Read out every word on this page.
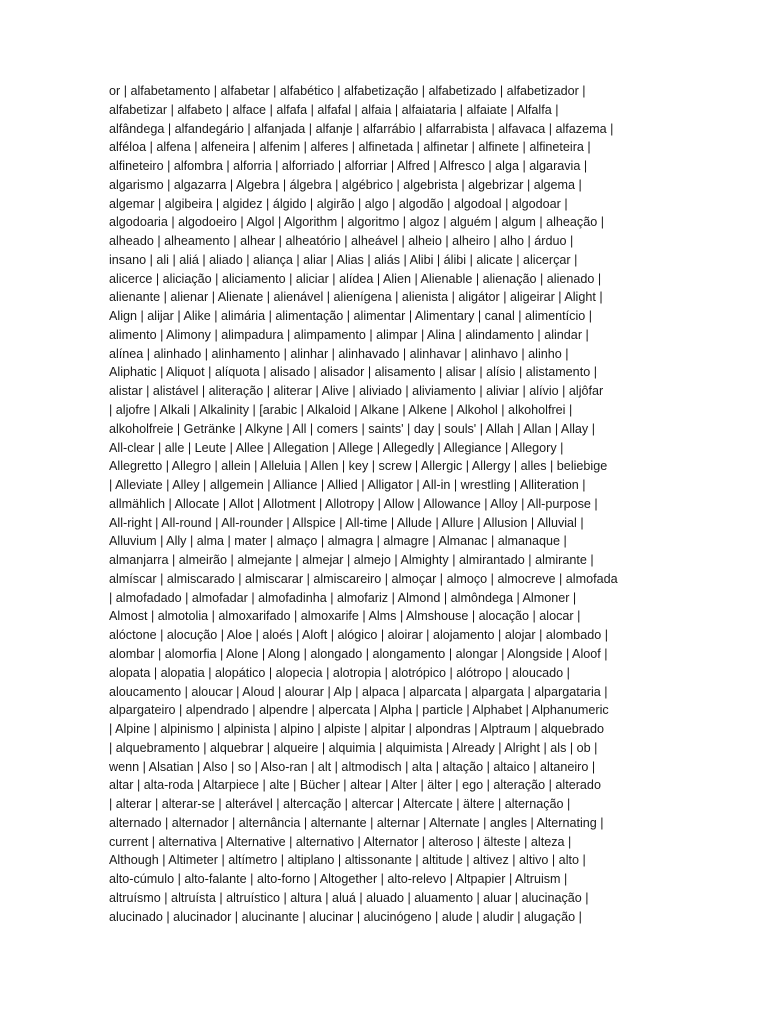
or | alfabetamento | alfabetar | alfabético | alfabetização | alfabetizado | alfabetizador |
alfabetizar | alfabeto | alface | alfafa | alfafal | alfaia | alfaiataria | alfaiate | Alfalfa |
alfândega | alfandegário | alfanjada | alfanje | alfarrábio | alfarrabista | alfavaca | alfazema |
alféloa | alfena | alfeneira | alfenim | alferes | alfinetada | alfinetar | alfinete | alfineteira |
alfineteiro | alfombra | alforria | alforriado | alforriar | Alfred | Alfresco | alga | algaravia |
algarismo | algazarra | Algebra | álgebra | algébrico | algebrista | algebrizar | algema |
algemar | algibeira | algidez | álgido | algirão | algo | algodão | algodoal | algodoar |
algodoaria | algodoeiro | Algol | Algorithm | algoritmo | algoz | alguém | algum | alheação |
alheado | alheamento | alhear | alheatório | alheável | alheio | alheiro | alho | árduo |
insano | ali | aliá | aliado | aliança | aliar | Alias | aliás | Alibi | álibi | alicate | alicerçar |
alicerce | aliciação | aliciamento | aliciar | alídea | Alien | Alienable | alienação | alienado |
alienante | alienar | Alienate | alienável | alienígena | alienista | aligátor | aligeirar | Alight |
Align | alijar | Alike | alimária | alimentação | alimentar | Alimentary | canal | alimentício |
alimento | Alimony | alimpadura | alimpamento | alimpar | Alina | alindamento | alindar |
alínea | alinhado | alinhamento | alinhar | alinhavado | alinhavar | alinhavo | alinho |
Aliphatic | Aliquot | alíquota | alisado | alisador | alisamento | alisar | alísio | alistamento |
alistar | alistável | aliteração | aliterar | Alive | aliviado | aliviamento | aliviar | alívio | aljôfar
| aljofre | Alkali | Alkalinity | [arabic | Alkaloid | Alkane | Alkene | Alkohol | alkoholfrei |
alkoholfreie | Getränke | Alkyne | All | comers | saints' | day | souls' | Allah | Allan | Allay |
All-clear | alle | Leute | Allee | Allegation | Allege | Allegedly | Allegiance | Allegory |
Allegretto | Allegro | allein | Alleluia | Allen | key | screw | Allergic | Allergy | alles | beliebige
| Alleviate | Alley | allgemein | Alliance | Allied | Alligator | All-in | wrestling | Alliteration |
allmählich | Allocate | Allot | Allotment | Allotropy | Allow | Allowance | Alloy | All-purpose |
All-right | All-round | All-rounder | Allspice | All-time | Allude | Allure | Allusion | Alluvial |
Alluvium | Ally | alma | mater | almaço | almagra | almagre | Almanac | almanaque |
almanjarra | almeirão | almejante | almejar | almejo | Almighty | almirantado | almirante |
almíscar | almiscarado | almiscarar | almiscareiro | almoçar | almoço | almocreve | almofada
| almofadado | almofadar | almofadinha | almofariz | Almond | almôndega | Almoner |
Almost | almotolia | almoxarifado | almoxarife | Alms | Almshouse | alocação | alocar |
alóctone | alocução | Aloe | aloés | Aloft | alógico | aloirar | alojamento | alojar | alombado |
alombar | alomorfia | Alone | Along | alongado | alongamento | alongar | Alongside | Aloof |
alopata | alopatia | alopático | alopecia | alotropia | alotrópico | alótropo | aloucado |
aloucamento | aloucar | Aloud | alourar | Alp | alpaca | alparcata | alpargata | alpargataria |
alpargateiro | alpendrado | alpendre | alpercata | Alpha | particle | Alphabet | Alphanumeric
| Alpine | alpinismo | alpinista | alpino | alpiste | alpitar | alpondras | Alptraum | alquebrado
| alquebramento | alquebrar | alqueire | alquimia | alquimista | Already | Alright | als | ob |
wenn | Alsatian | Also | so | Also-ran | alt | altmodisch | alta | altação | altaico | altaneiro |
altar | alta-roda | Altarpiece | alte | Bücher | altear | Alter | älter | ego | alteração | alterado
| alterar | alterar-se | alterável | altercação | altercar | Altercate | ältere | alternação |
alternado | alternador | alternância | alternante | alternar | Alternate | angles | Alternating |
current | alternativa | Alternative | alternativo | Alternator | alteroso | älteste | alteza |
Although | Altimeter | altímetro | altiplano | altissonante | altitude | altivez | altivo | alto |
alto-cúmulo | alto-falante | alto-forno | Altogether | alto-relevo | Altpapier | Altruism |
altruísmo | altruísta | altruístico | altura | aluá | aluado | aluamento | aluar | alucinação |
alucinado | alucinador | alucinante | alucinar | alucinógeno | alude | aludir | alugação |
